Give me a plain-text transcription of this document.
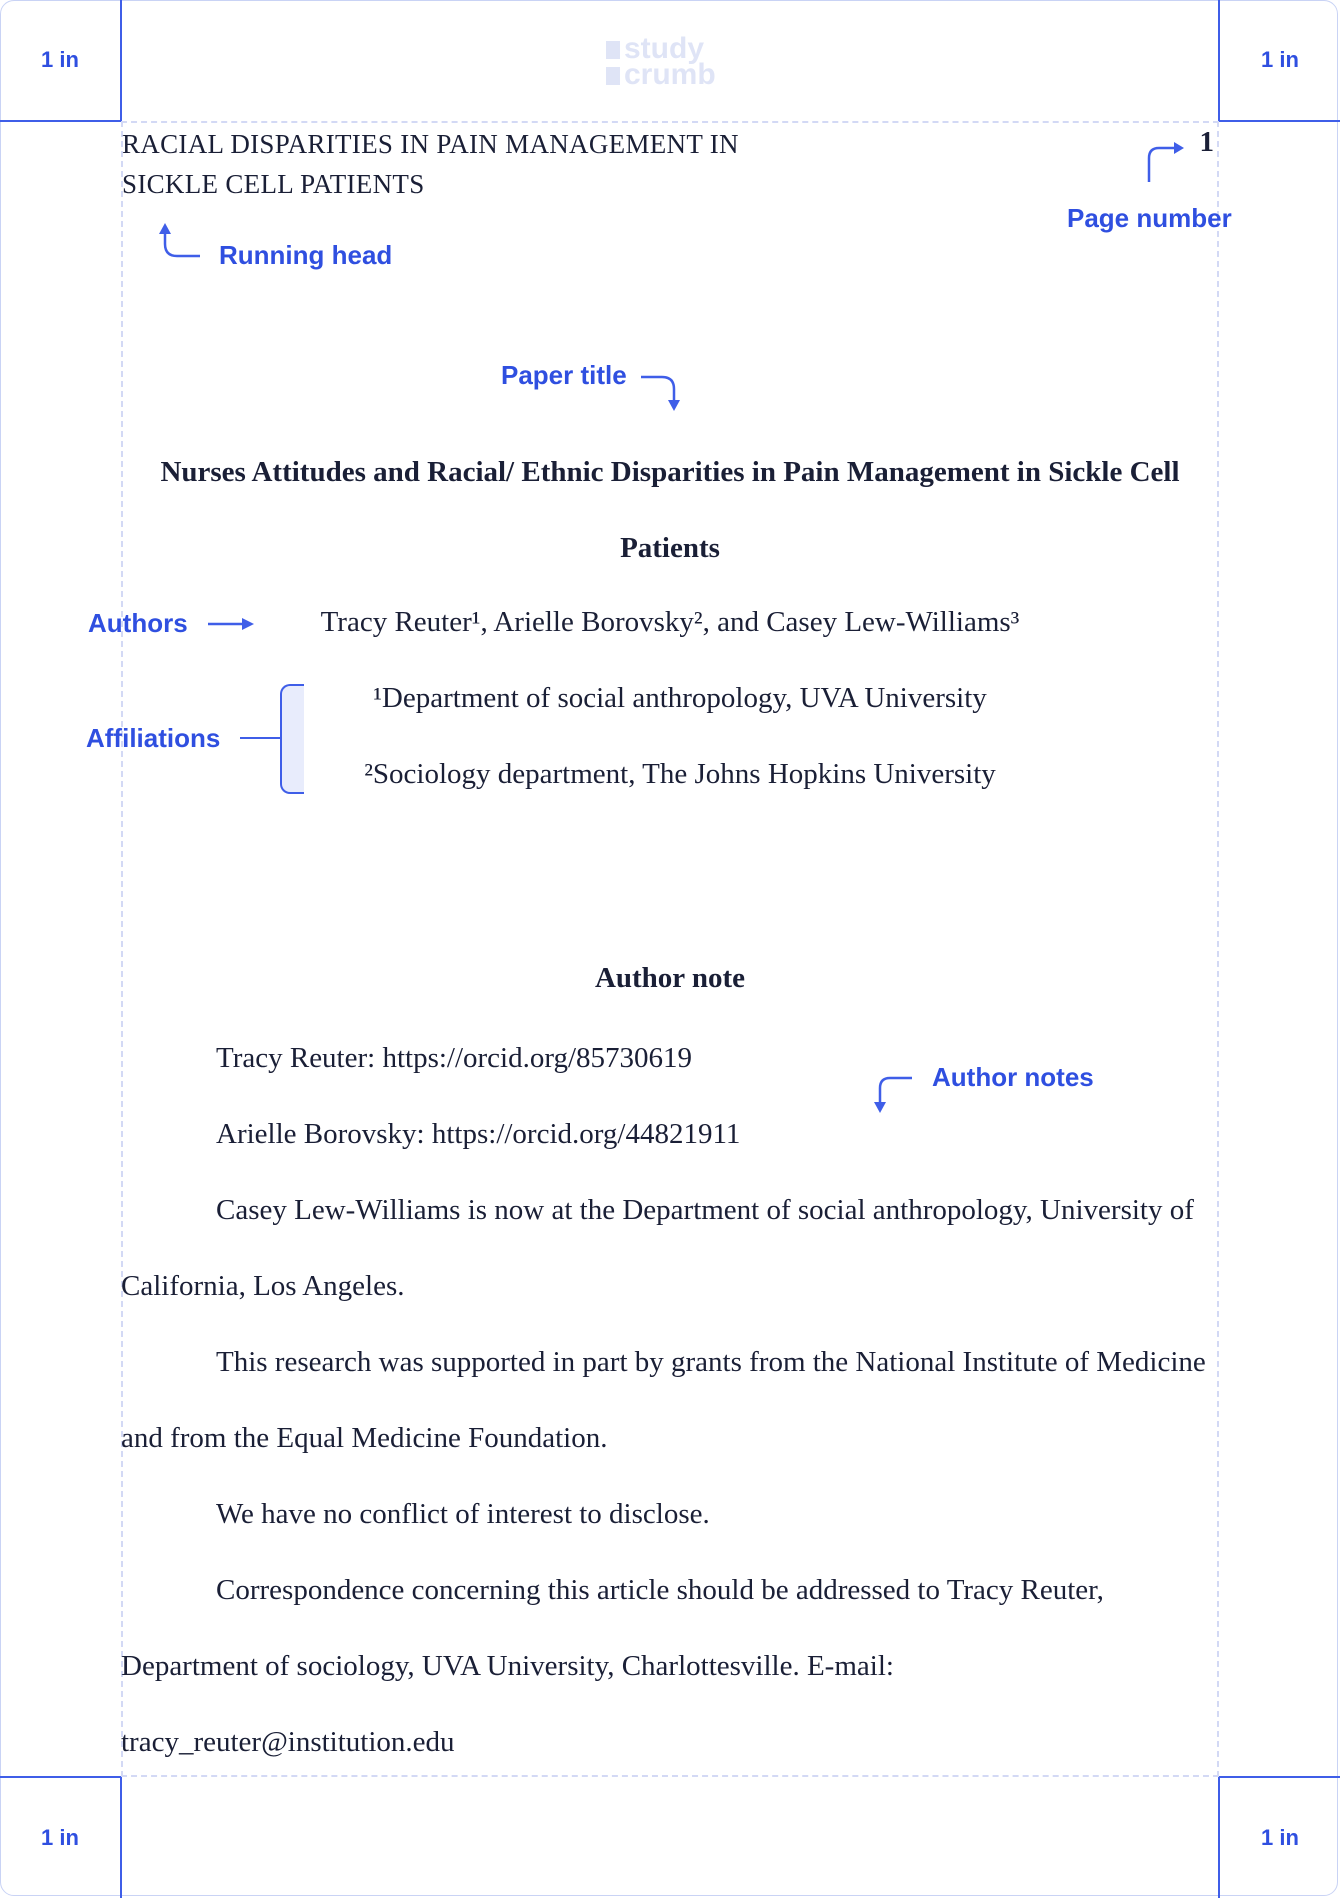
1 in	1 in
1 in	1 in
study
crumb

RACIAL DISPARITIES IN PAIN MANAGEMENT IN SICKLE CELL PATIENTS

1
Page number
Running head
Paper title
Nurses Attitudes and Racial/ Ethnic Disparities in Pain Management in Sickle Cell Patients
Authors	Tracy Reuter¹, Arielle Borovsky², and Casey Lew-Williams³
Affiliations
¹Department of social anthropology, UVA University
²Sociology department, The Johns Hopkins University
Author note
Author notes

Tracy Reuter: https://orcid.org/85730619

Arielle Borovsky: https://orcid.org/44821911

Casey Lew-Williams is now at the Department of social anthropology, University of California, Los Angeles.

This research was supported in part by grants from the National Institute of Medicine and from the Equal Medicine Foundation.

We have no conflict of interest to disclose.

Correspondence concerning this article should be addressed to Tracy Reuter, Department of sociology, UVA University, Charlottesville. E-mail: tracy_reuter@institution.edu
